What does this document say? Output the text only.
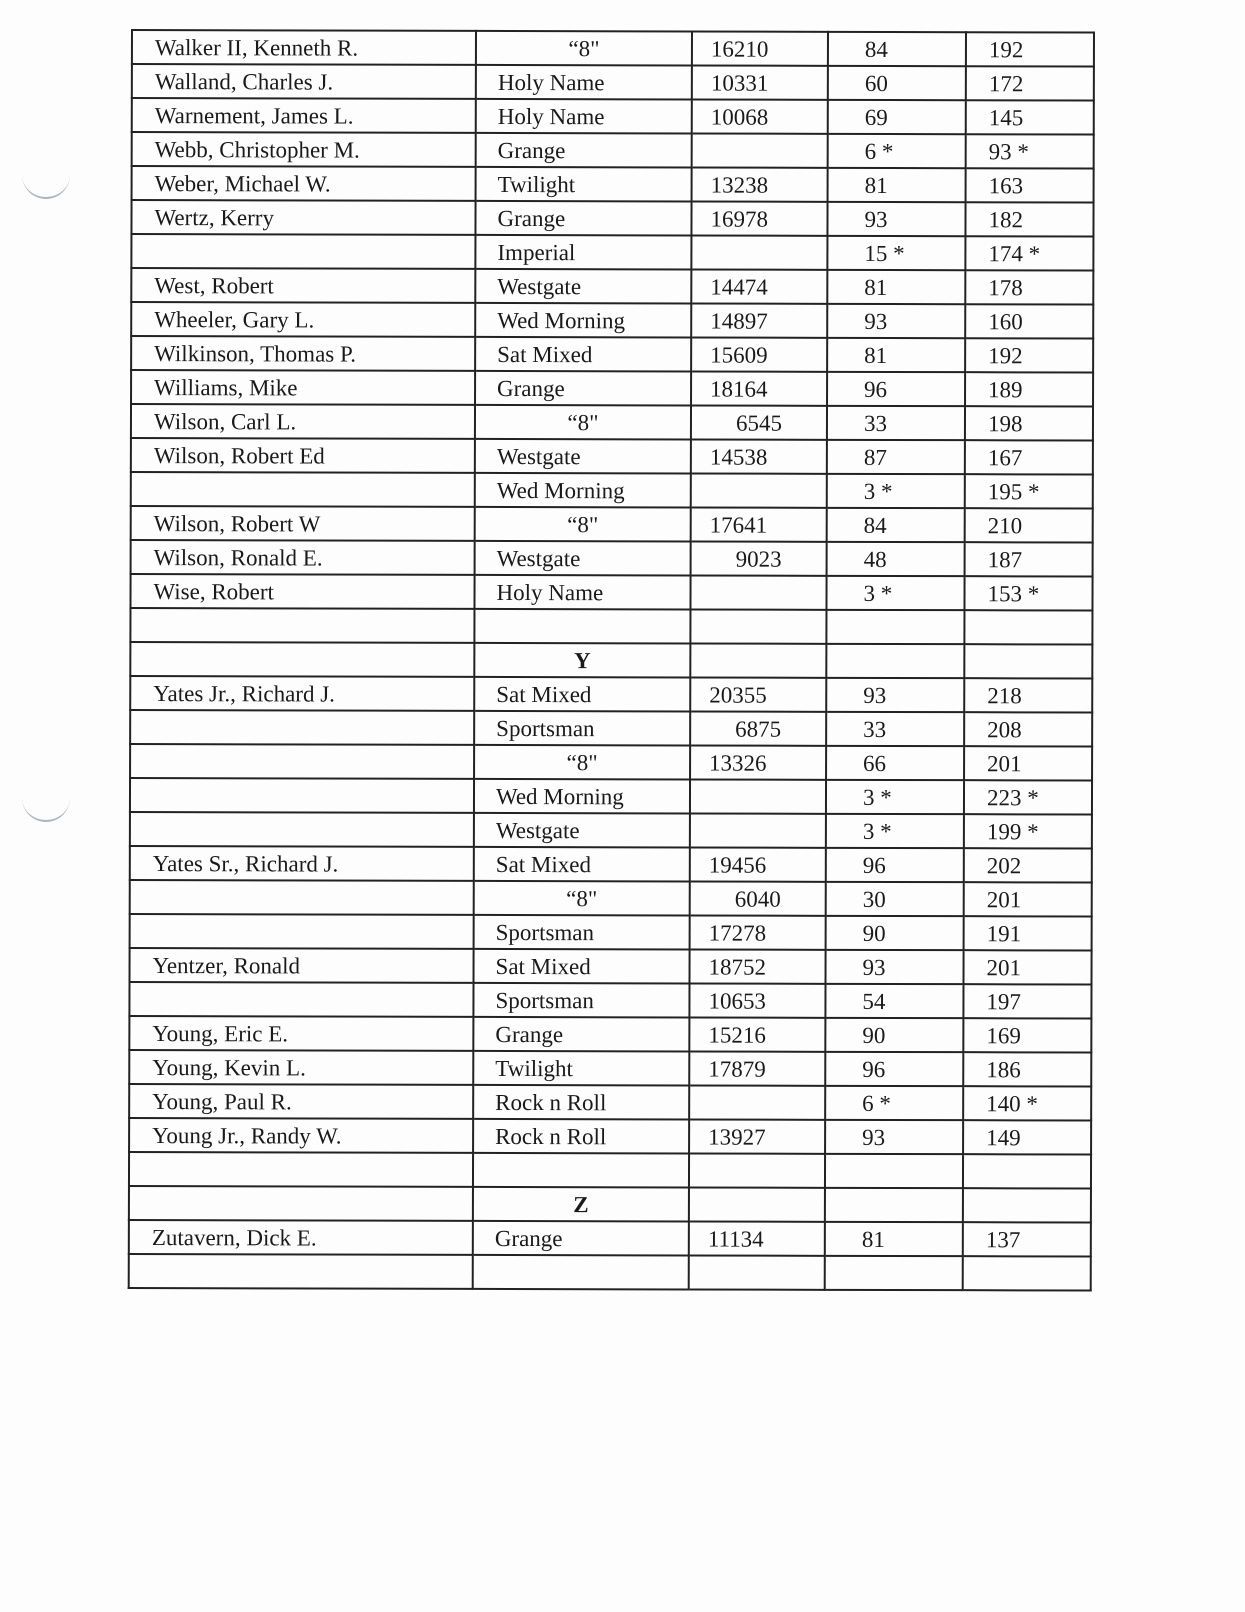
Walker II, Kenneth R.	“8"	16210	84	192
Walland, Charles J.	Holy Name	10331	60	172
Warnement, James L.	Holy Name	10068	69	145
Webb, Christopher M.	Grange		6 *	93 *
Weber, Michael W.	Twilight	13238	81	163
Wertz, Kerry	Grange	16978	93	182
	Imperial		15 *	174 *
West, Robert	Westgate	14474	81	178
Wheeler, Gary L.	Wed Morning	14897	93	160
Wilkinson, Thomas P.	Sat Mixed	15609	81	192
Williams, Mike	Grange	18164	96	189
Wilson, Carl L.	“8"	6545	33	198
Wilson, Robert Ed	Westgate	14538	87	167
	Wed Morning		3 *	195 *
Wilson, Robert W	“8"	17641	84	210
Wilson, Ronald E.	Westgate	9023	48	187
Wise, Robert	Holy Name		3 *	153 *

	Y			
Yates Jr., Richard J.	Sat Mixed	20355	93	218
	Sportsman	6875	33	208
	“8"	13326	66	201
	Wed Morning		3 *	223 *
	Westgate		3 *	199 *
Yates Sr., Richard J.	Sat Mixed	19456	96	202
	“8"	6040	30	201
	Sportsman	17278	90	191
Yentzer, Ronald	Sat Mixed	18752	93	201
	Sportsman	10653	54	197
Young, Eric E.	Grange	15216	90	169
Young, Kevin L.	Twilight	17879	96	186
Young, Paul R.	Rock n Roll		6 *	140 *
Young Jr., Randy W.	Rock n Roll	13927	93	149

	Z			
Zutavern, Dick E.	Grange	11134	81	137
